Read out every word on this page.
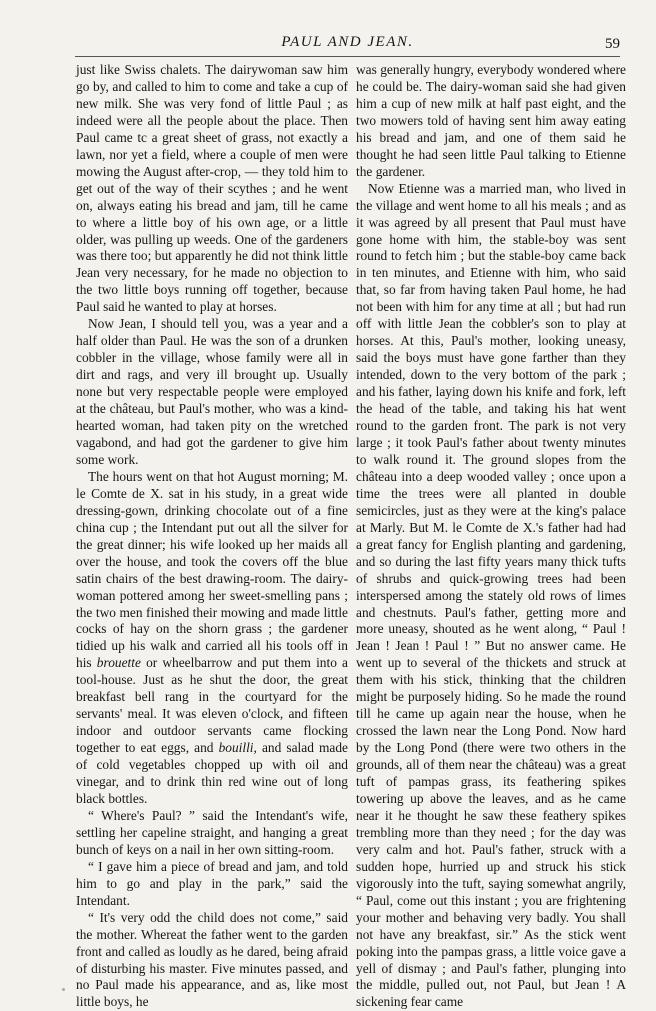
PAUL AND JEAN.	59

just like Swiss chalets. The dairywoman saw him go by, and called to him to come and take a cup of new milk. She was very fond of little Paul ; as indeed were all the people about the place. Then Paul came tc a great sheet of grass, not exactly a lawn, nor yet a field, where a couple of men were mowing the August after-crop, — they told him to get out of the way of their scythes ; and he went on, always eating his bread and jam, till he came to where a little boy of his own age, or a little older, was pulling up weeds. One of the gardeners was there too; but apparently he did not think little Jean very necessary, for he made no objection to the two little boys running off together, because Paul said he wanted to play at horses.

Now Jean, I should tell you, was a year and a half older than Paul. He was the son of a drunken cobbler in the village, whose family were all in dirt and rags, and very ill brought up. Usually none but very respectable people were employed at the château, but Paul's mother, who was a kind-hearted woman, had taken pity on the wretched vagabond, and had got the gardener to give him some work.

The hours went on that hot August morning; M. le Comte de X. sat in his study, in a great wide dressing-gown, drinking chocolate out of a fine china cup ; the Intendant put out all the silver for the great dinner; his wife looked up her maids all over the house, and took the covers off the blue satin chairs of the best drawing-room. The dairy-woman pottered among her sweet-smelling pans ; the two men finished their mowing and made little cocks of hay on the shorn grass ; the gardener tidied up his walk and carried all his tools off in his brouette or wheelbarrow and put them into a tool-house. Just as he shut the door, the great breakfast bell rang in the courtyard for the servants' meal. It was eleven o'clock, and fifteen indoor and outdoor servants came flocking together to eat eggs, and bouilli, and salad made of cold vegetables chopped up with oil and vinegar, and to drink thin red wine out of long black bottles.

“ Where's Paul? ” said the Intendant's wife, settling her capeline straight, and hanging a great bunch of keys on a nail in her own sitting-room.

“ I gave him a piece of bread and jam, and told him to go and play in the park,” said the Intendant.

“ It's very odd the child does not come,” said the mother. Whereat the father went to the garden front and called as loudly as he dared, being afraid of disturbing his master. Five minutes passed, and no Paul made his a​ppearance, and as, like most little boys, he

was generally hungry, everybody wondered where he could be. The dairy-woman said she had given him a cup of new milk at half past eight, and the two mowers told of having sent him away eating his bread and jam, and one of them said he thought he had seen little Paul talking to Etienne the gardener.

Now Etienne was a married man, who lived in the village and went home to all his meals ; and as it was agreed by all present that Paul must have gone home with him, the stable-boy was sent round to fetch him ; but the stable-boy came back in ten minutes, and Etienne with him, who said that, so far from having taken Paul home, he had not been with him for any time at all ; but had run off with little Jean the cobbler's son to play at horses. At this, Paul's mother, looking uneasy, said the boys must have gone farther than they intended, down to the very bottom of the park ; and his father, laying down his knife and fork, left the head of the table, and taking his hat went round to the garden front. The park is not very large ; it took Paul's father about twenty minutes to walk round it. The ground slopes from the château into a deep wooded valley ; once upon a time the trees were all planted in double semicircles, just as they were at the king's palace at Marly. But M. le Comte de X.'s father had had a great fancy for English planting and gardening, and so during the last fifty years many thick tufts of shrubs and quick-growing trees had been interspersed among the stately old rows of limes and chestnuts. Paul's father, getting more and more uneasy, shouted as he went along, “ Paul ! Jean ! Jean ! Paul ! ” But no answer came. He went up to several of the thickets and struck at them with his stick, thinking that the children might be purposely hiding. So he made the round till he came up again near the house, when he crossed the lawn near the Long Pond. Now hard by the Long Pond (there were two others in the grounds, all of them near the château) was a great tuft of pampas grass, its feathering spikes towering up above the leaves, and as he came near it he thought he saw these feathery spikes trembling more than they need ; for the day was very calm and hot. Paul's father, struck with a sudden hope, hurried up and struck his stick vigorously into the tuft, saying somewhat angrily, “ Paul, come out this instant ; you are frightening your mother and behaving very badly. You shall not have any breakfast, sir.” As the stick went poking into the pampas grass, a little voice gave a yell of dismay ; and Paul's father, plunging into the middle, pulled out, not Paul, but Jean ! A sickening fear came
